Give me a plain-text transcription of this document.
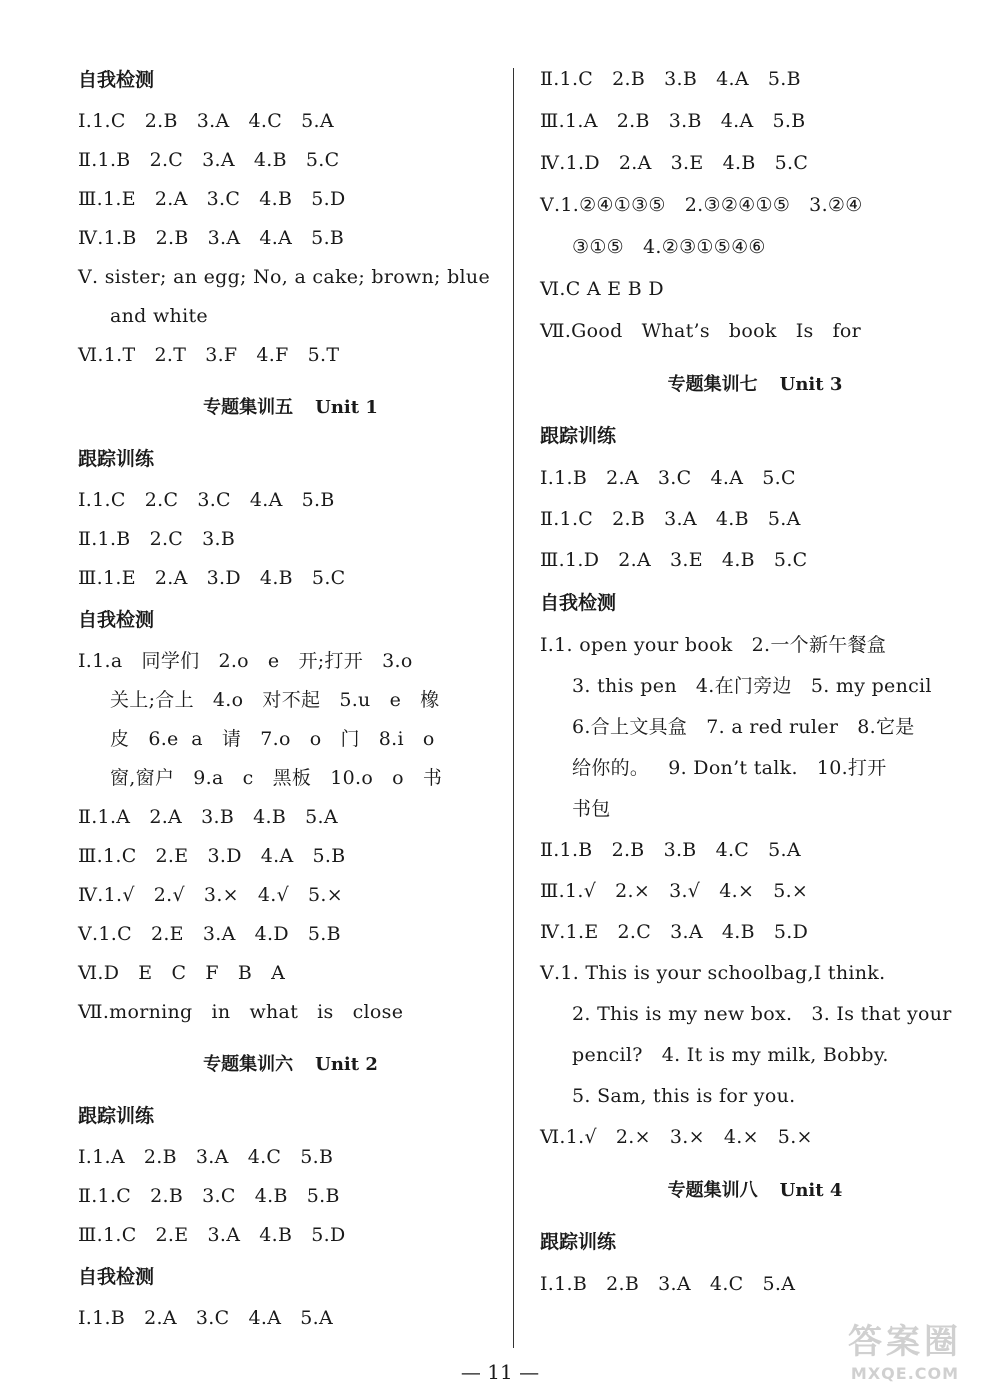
自我检测
Ⅰ.1.C   2.B   3.A   4.C   5.A
Ⅱ.1.B   2.C   3.A   4.B   5.C
Ⅲ.1.E   2.A   3.C   4.B   5.D
Ⅳ.1.B   2.B   3.A   4.A   5.B
Ⅴ. sister; an egg; No, a cake; brown; blue
and white
Ⅵ.1.T   2.T   3.F   4.F   5.T
专题集训五 Unit 1
跟踪训练
Ⅰ.1.C   2.C   3.C   4.A   5.B
Ⅱ.1.B   2.C   3.B
Ⅲ.1.E   2.A   3.D   4.B   5.C
自我检测
Ⅰ.1.a   同学们   2.o   e   开;打开   3.o
关上;合上   4.o   对不起   5.u   e   橡
皮   6.e  a   请   7.o   o   门   8.i   o
窗,窗户   9.a   c   黑板   10.o   o   书
Ⅱ.1.A   2.A   3.B   4.B   5.A
Ⅲ.1.C   2.E   3.D   4.A   5.B
Ⅳ.1.√   2.√   3.×   4.√   5.×
Ⅴ.1.C   2.E   3.A   4.D   5.B
Ⅵ.D   E   C   F   B   A
Ⅶ.morning   in   what   is   close
专题集训六 Unit 2
跟踪训练
Ⅰ.1.A   2.B   3.A   4.C   5.B
Ⅱ.1.C   2.B   3.C   4.B   5.B
Ⅲ.1.C   2.E   3.A   4.B   5.D
自我检测
Ⅰ.1.B   2.A   3.C   4.A   5.A
Ⅱ.1.C   2.B   3.B   4.A   5.B
Ⅲ.1.A   2.B   3.B   4.A   5.B
Ⅳ.1.D   2.A   3.E   4.B   5.C
Ⅴ.1.②④①③⑤   2.③②④①⑤   3.②④
③①⑤   4.②③①⑤④⑥
Ⅵ.C A E B D
Ⅶ.Good   What’s   book   Is   for
专题集训七 Unit 3
跟踪训练
Ⅰ.1.B   2.A   3.C   4.A   5.C
Ⅱ.1.C   2.B   3.A   4.B   5.A
Ⅲ.1.D   2.A   3.E   4.B   5.C
自我检测
Ⅰ.1. open your book   2.一个新午餐盒
3. this pen   4.在门旁边   5. my pencil
6.合上文具盒   7. a red ruler   8.它是
给你的。   9. Don’t talk.   10.打开
书包
Ⅱ.1.B   2.B   3.B   4.C   5.A
Ⅲ.1.√   2.×   3.√   4.×   5.×
Ⅳ.1.E   2.C   3.A   4.B   5.D
Ⅴ.1. This is your schoolbag,I think.
2. This is my new box.   3. Is that your
pencil?   4. It is my milk, Bobby.
5. Sam, this is for you.
Ⅵ.1.√   2.×   3.×   4.×   5.×
专题集训八 Unit 4
跟踪训练
Ⅰ.1.B   2.B   3.A   4.C   5.A
— 11 —
答案圈
MXQE.COM
